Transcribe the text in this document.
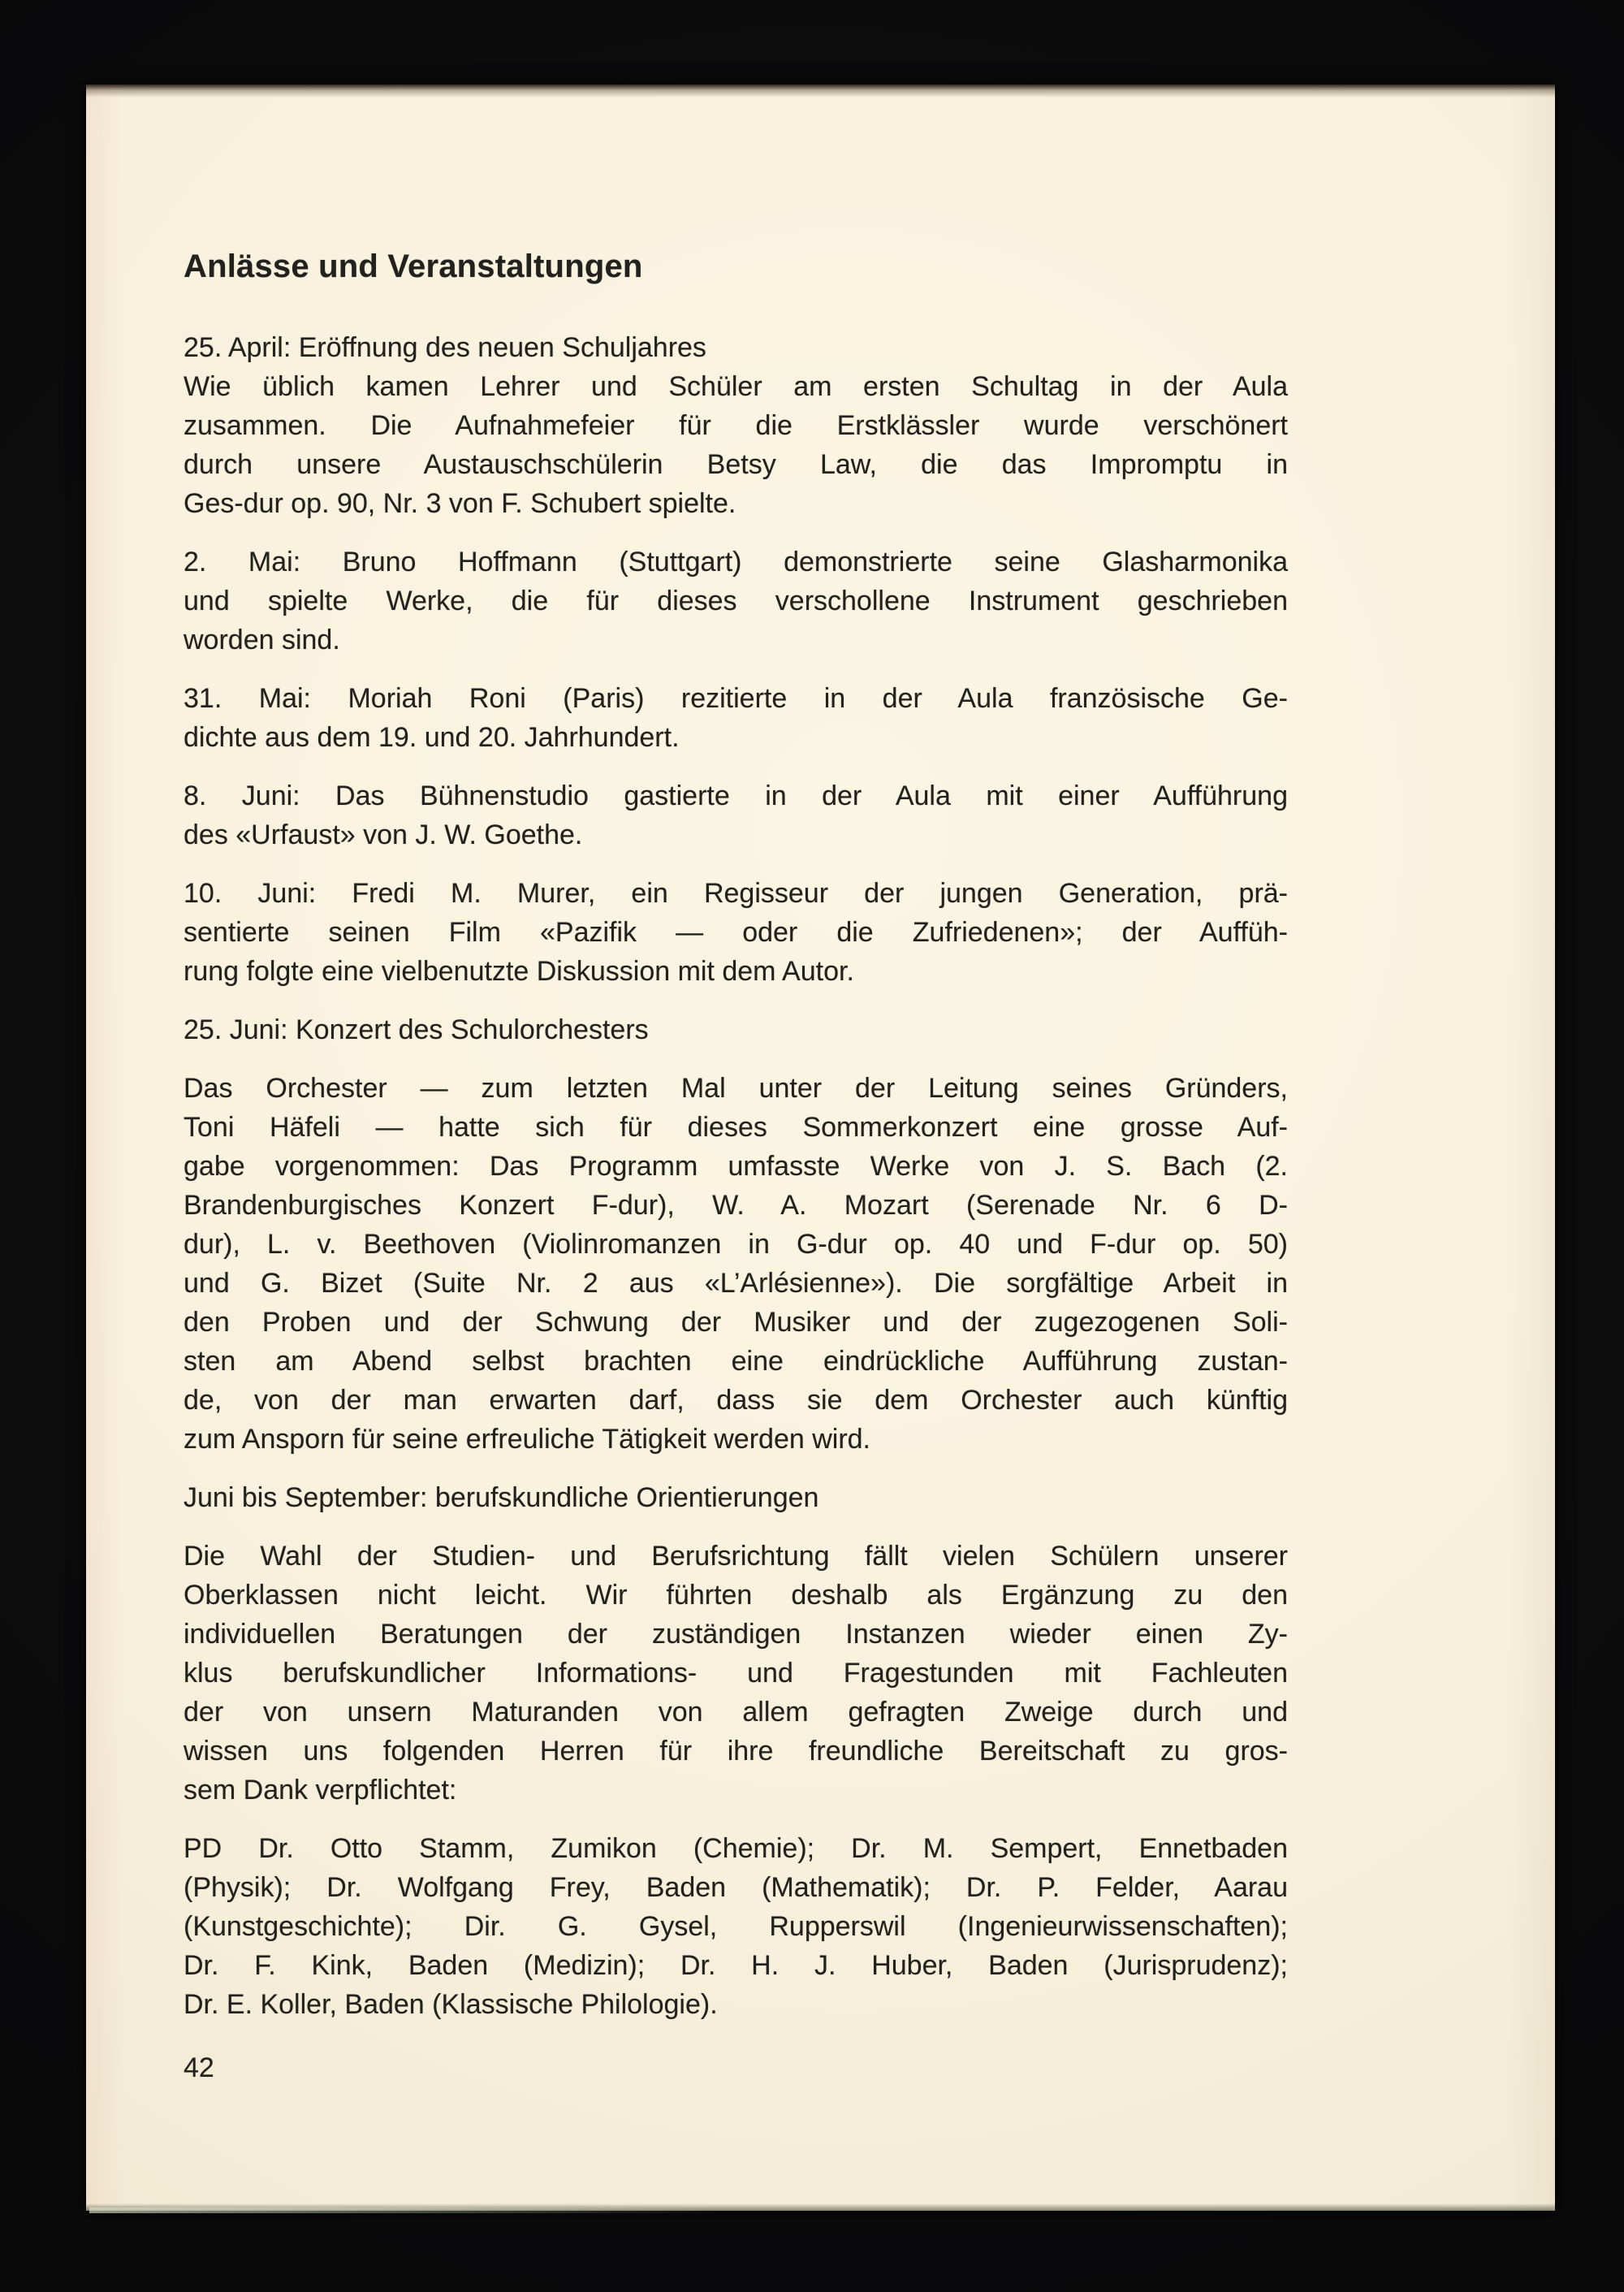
Anlässe und Veranstaltungen
25. April: Eröffnung des neuen Schuljahres
Wie üblich kamen Lehrer und Schüler am ersten Schultag in der Aula
zusammen. Die Aufnahmefeier für die Erstklässler wurde verschönert
durch unsere Austauschschülerin Betsy Law, die das Impromptu in
Ges-dur op. 90, Nr. 3 von F. Schubert spielte.
2. Mai: Bruno Hoffmann (Stuttgart) demonstrierte seine Glasharmonika
und spielte Werke, die für dieses verschollene Instrument geschrieben
worden sind.
31. Mai: Moriah Roni (Paris) rezitierte in der Aula französische Ge-
dichte aus dem 19. und 20. Jahrhundert.
8. Juni: Das Bühnenstudio gastierte in der Aula mit einer Aufführung
des «Urfaust» von J. W. Goethe.
10. Juni: Fredi M. Murer, ein Regisseur der jungen Generation, prä-
sentierte seinen Film «Pazifik — oder die Zufriedenen»; der Auffüh-
rung folgte eine vielbenutzte Diskussion mit dem Autor.
25. Juni: Konzert des Schulorchesters
Das Orchester — zum letzten Mal unter der Leitung seines Gründers,
Toni Häfeli — hatte sich für dieses Sommerkonzert eine grosse Auf-
gabe vorgenommen: Das Programm umfasste Werke von J. S. Bach (2.
Brandenburgisches Konzert F-dur), W. A. Mozart (Serenade Nr. 6 D-
dur), L. v. Beethoven (Violinromanzen in G-dur op. 40 und F-dur op. 50)
und G. Bizet (Suite Nr. 2 aus «L’Arlésienne»). Die sorgfältige Arbeit in
den Proben und der Schwung der Musiker und der zugezogenen Soli-
sten am Abend selbst brachten eine eindrückliche Aufführung zustan-
de, von der man erwarten darf, dass sie dem Orchester auch künftig
zum Ansporn für seine erfreuliche Tätigkeit werden wird.
Juni bis September: berufskundliche Orientierungen
Die Wahl der Studien- und Berufsrichtung fällt vielen Schülern unserer
Oberklassen nicht leicht. Wir führten deshalb als Ergänzung zu den
individuellen Beratungen der zuständigen Instanzen wieder einen Zy-
klus berufskundlicher Informations- und Fragestunden mit Fachleuten
der von unsern Maturanden von allem gefragten Zweige durch und
wissen uns folgenden Herren für ihre freundliche Bereitschaft zu gros-
sem Dank verpflichtet:
PD Dr. Otto Stamm, Zumikon (Chemie); Dr. M. Sempert, Ennetbaden
(Physik); Dr. Wolfgang Frey, Baden (Mathematik); Dr. P. Felder, Aarau
(Kunstgeschichte); Dir. G. Gysel, Rupperswil (Ingenieurwissenschaften);
Dr. F. Kink, Baden (Medizin); Dr. H. J. Huber, Baden (Jurisprudenz);
Dr. E. Koller, Baden (Klassische Philologie).
42
